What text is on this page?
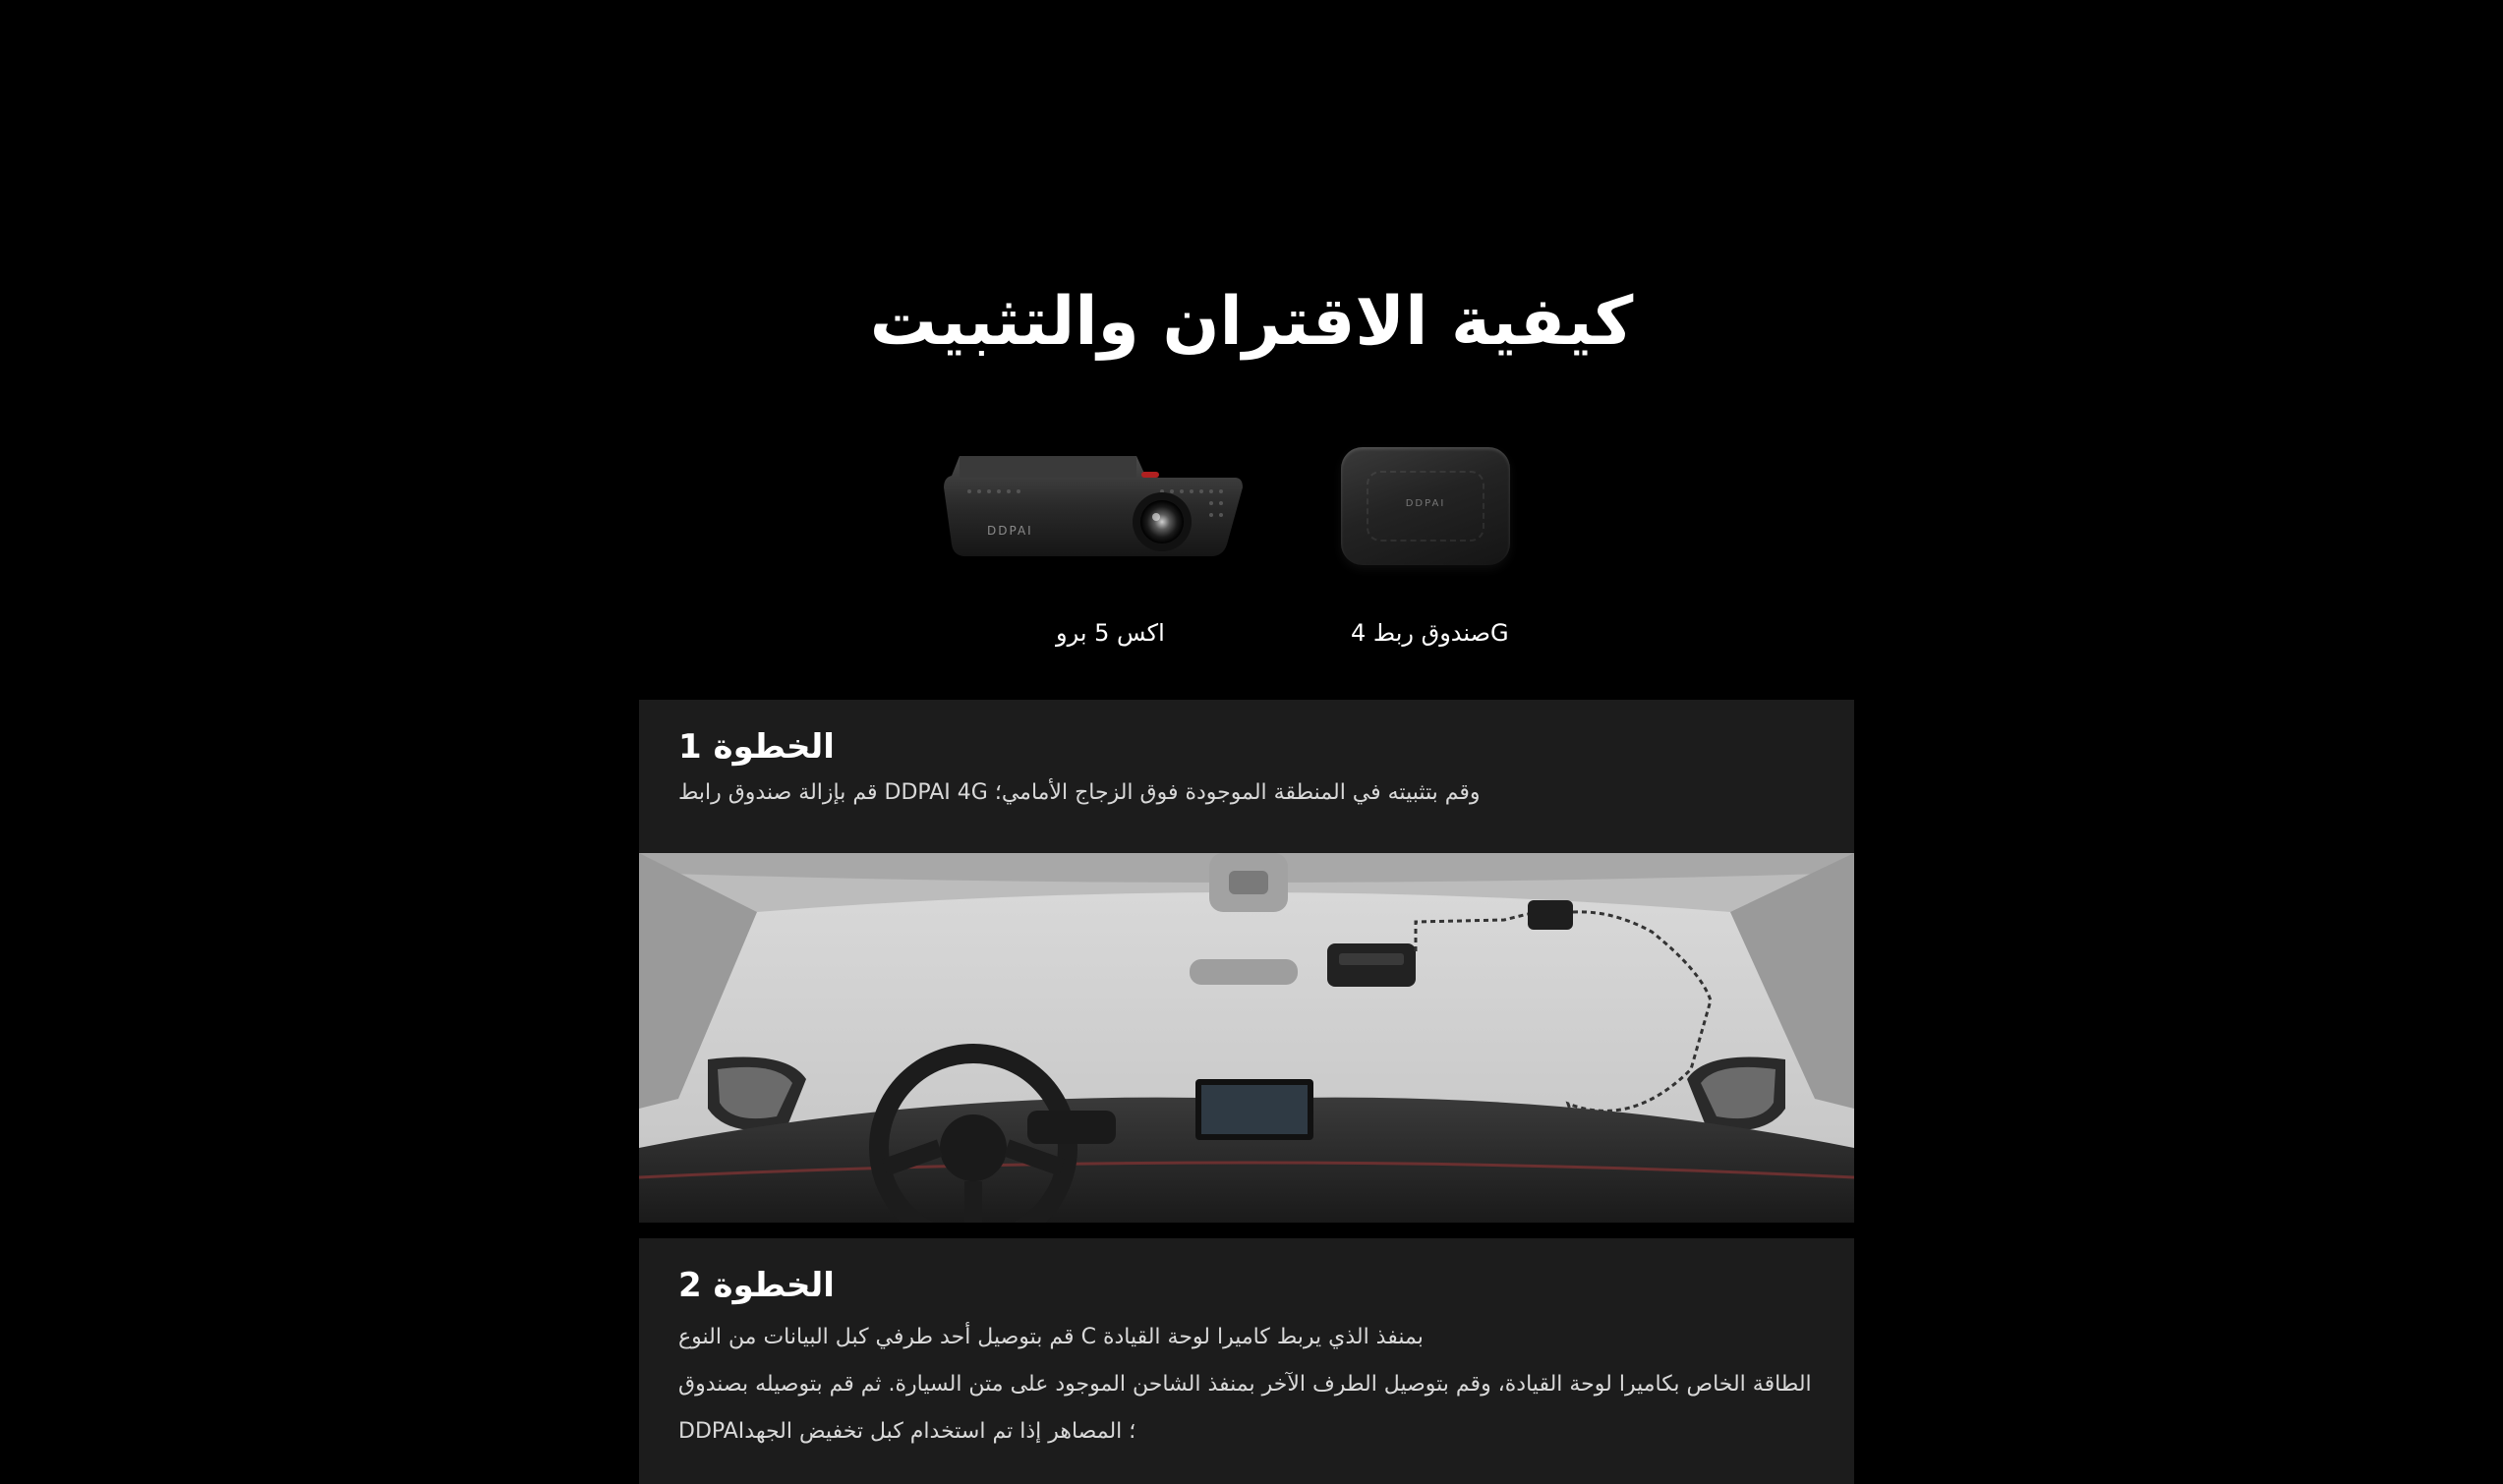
كيفية الاقتران والتثبيت
DDPAI
صندوق ربط 4G
DDPAI
اكس 5 برو
الخطوة 1

قم بإزالة صندوق رابط DDPAI 4G وقم بتثبيته في المنطقة الموجودة فوق الزجاج الأمامي؛

الخطوة 2

قم بتوصيل أحد طرفي كبل البيانات من النوع C بمنفذ الذي يربط كاميرا لوحة القيادة

الطاقة الخاص بكاميرا لوحة القيادة، وقم بتوصيل الطرف الآخر بمنفذ الشاحن الموجود على متن السيارة. ثم قم بتوصيله بصندوق

DDPAI؛ المصاهر إذا تم استخدام كبل تخفيض الجهد
